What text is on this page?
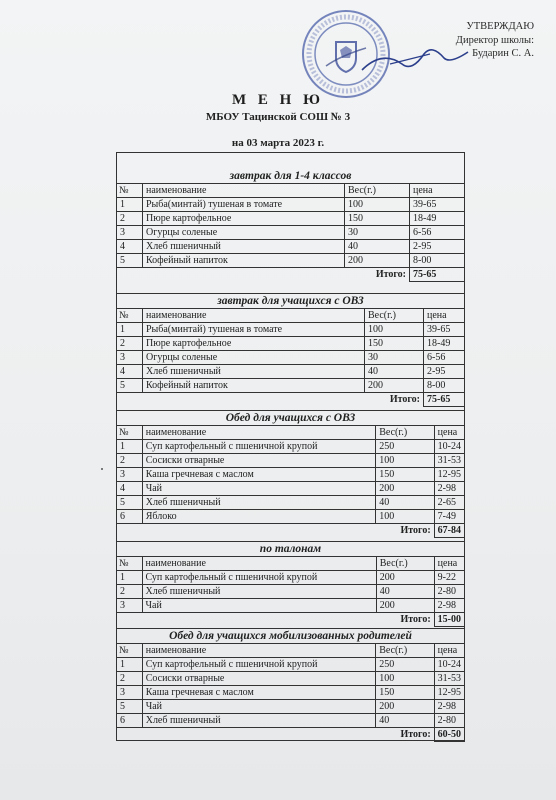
УТВЕРЖДАЮ
Директор школы:
Бударин С. А.
М Е Н Ю
МБОУ Тацинской СОШ № 3
на 03 марта 2023 г.
завтрак для 1-4 классов
№	наименование	Вес(г.)	цена
1	Рыба(минтай) тушеная в томате	100	39-65
2	Пюре картофельное	150	18-49
3	Огурцы соленые	30	6-56
4	Хлеб пшеничный	40	2-95
5	Кофейный напиток	200	8-00
Итого:			75-65
завтрак для учащихся с ОВЗ
№	наименование	Вес(г.)	цена
1	Рыба(минтай) тушеная в томате	100	39-65
2	Пюре картофельное	150	18-49
3	Огурцы соленые	30	6-56
4	Хлеб пшеничный	40	2-95
5	Кофейный напиток	200	8-00
Итого:			75-65
Обед для учащихся с ОВЗ
№	наименование	Вес(г.)	цена
1	Суп картофельный с пшеничной крупой	250	10-24
2	Сосиски отварные	100	31-53
3	Каша гречневая с маслом	150	12-95
4	Чай	200	2-98
5	Хлеб пшеничный	40	2-65
6	Яблоко	100	7-49
Итого:			67-84
по талонам
№	наименование	Вес(г.)	цена
1	Суп картофельный с пшеничной крупой	200	9-22
2	Хлеб пшеничный	40	2-80
3	Чай	200	2-98
Итого:			15-00
Обед для учащихся мобилизованных родителей
№	наименование	Вес(г.)	цена
1	Суп картофельный с пшеничной крупой	250	10-24
2	Сосиски отварные	100	31-53
3	Каша гречневая с маслом	150	12-95
5	Чай	200	2-98
6	Хлеб пшеничный	40	2-80
Итого:			60-50
